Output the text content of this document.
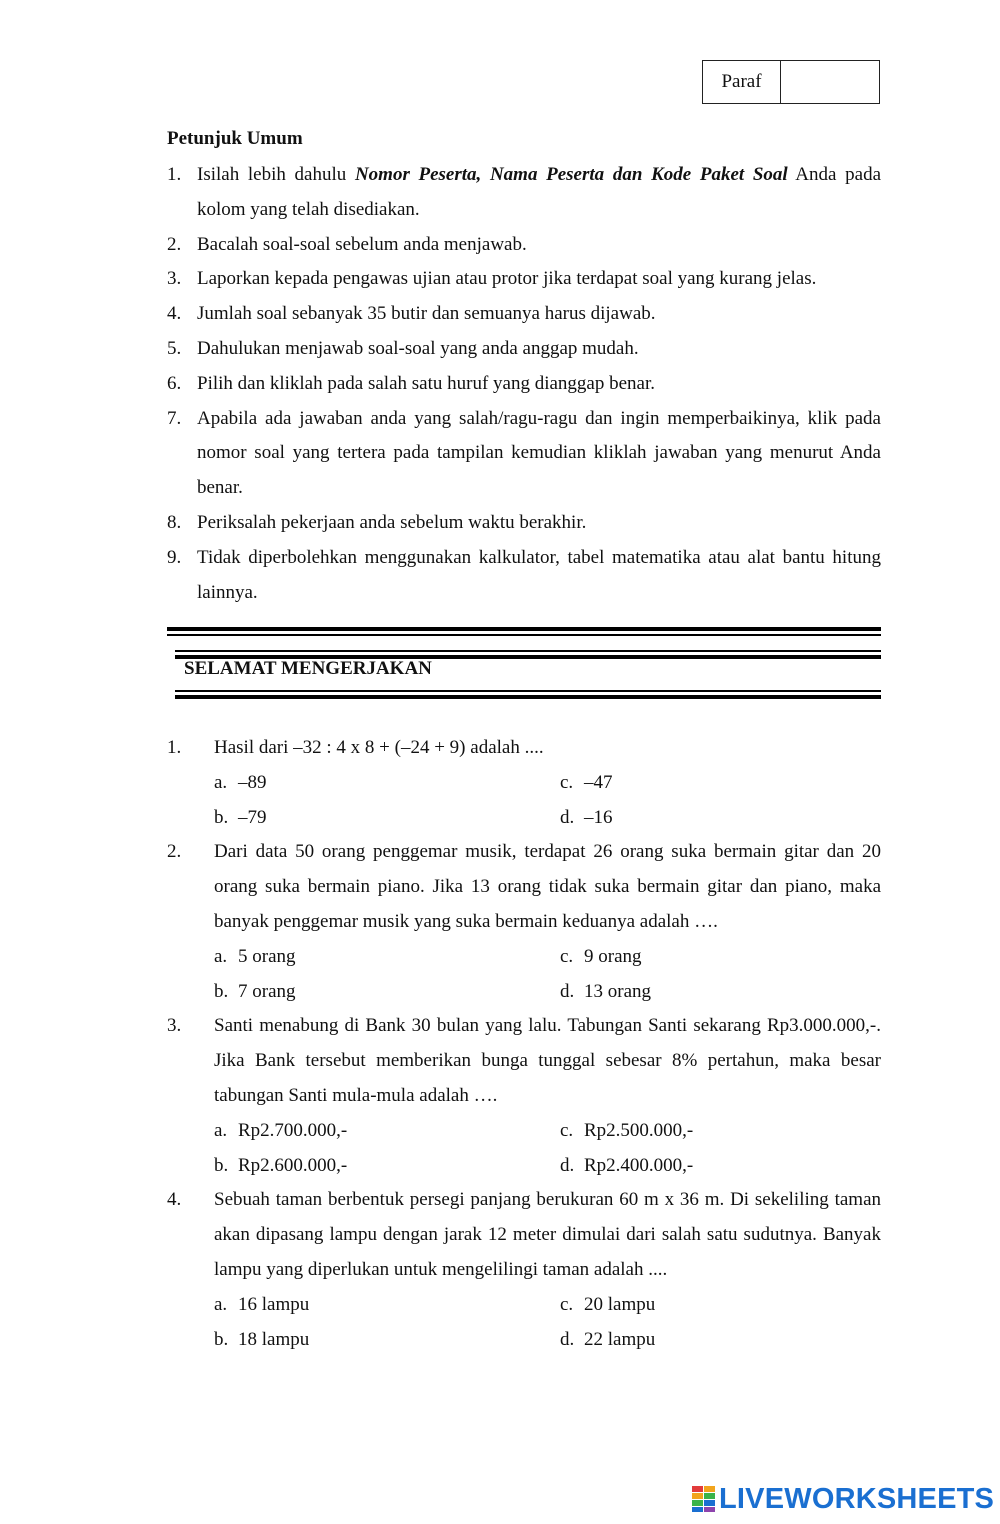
Paraf
Petunjuk Umum
1. Isilah lebih dahulu Nomor Peserta, Nama Peserta dan Kode Paket Soal Anda pada kolom yang telah disediakan.
2. Bacalah soal-soal sebelum anda menjawab.
3. Laporkan kepada pengawas ujian atau protor jika terdapat soal yang kurang jelas.
4. Jumlah soal sebanyak 35 butir dan semuanya harus dijawab.
5. Dahulukan menjawab soal-soal yang anda anggap mudah.
6. Pilih dan kliklah pada salah satu huruf yang dianggap benar.
7. Apabila ada jawaban anda yang salah/ragu-ragu dan ingin memperbaikinya, klik pada nomor soal yang tertera pada tampilan kemudian kliklah jawaban yang menurut Anda benar.
8. Periksalah pekerjaan anda sebelum waktu berakhir.
9. Tidak diperbolehkan menggunakan kalkulator, tabel matematika atau alat bantu hitung lainnya.
SELAMAT MENGERJAKAN
1.	Hasil dari –32 : 4 x 8 + (–24 + 9) adalah ....
a. –89	c. –47
b. –79	d. –16
2.	Dari data 50 orang penggemar musik, terdapat 26 orang suka bermain gitar dan 20 orang suka bermain piano. Jika 13 orang tidak suka bermain gitar dan piano, maka banyak penggemar musik yang suka bermain keduanya adalah ….
a. 5 orang	c. 9 orang
b. 7 orang	d. 13 orang
3.	Santi menabung di Bank 30 bulan yang lalu. Tabungan Santi sekarang Rp3.000.000,-. Jika Bank tersebut memberikan bunga tunggal sebesar 8% pertahun, maka besar tabungan Santi mula-mula adalah ….
a. Rp2.700.000,-	c. Rp2.500.000,-
b. Rp2.600.000,-	d. Rp2.400.000,-
4.	Sebuah taman berbentuk persegi panjang berukuran 60 m x 36 m. Di sekeliling taman akan dipasang lampu dengan jarak 12 meter dimulai dari salah satu sudutnya. Banyak lampu yang diperlukan untuk mengelilingi taman adalah ....
a. 16 lampu	c. 20 lampu
b. 18 lampu	d. 22 lampu
LIVEWORKSHEETS
